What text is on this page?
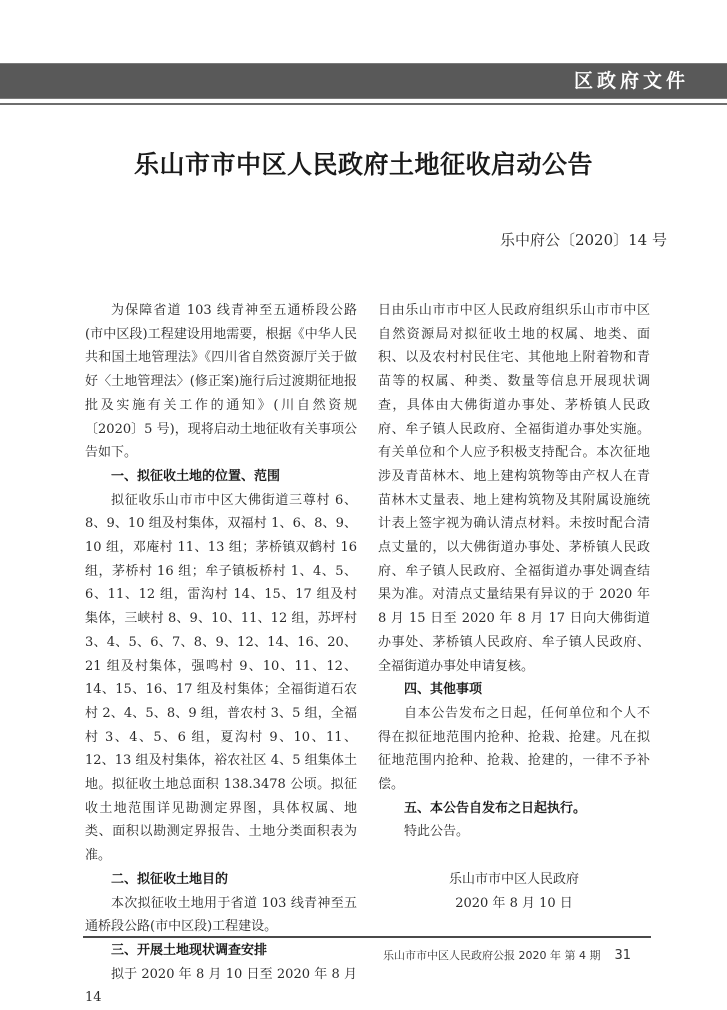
区政府文件
乐山市市中区人民政府土地征收启动公告
乐中府公〔2020〕14 号

为保障省道 103 线青神至五通桥段公路(市中区段)工程建设用地需要，根据《中华人民共和国土地管理法》《四川省自然资源厅关于做好〈土地管理法〉(修正案)施行后过渡期征地报批及实施有关工作的通知》(川自然资规〔2020〕5 号)，现将启动土地征收有关事项公告如下。

一、拟征收土地的位置、范围

拟征收乐山市市中区大佛街道三尊村 6、8、9、10 组及村集体，双福村 1、6、8、9、10 组，邓庵村 11、13 组；茅桥镇双鹤村 16 组，茅桥村 16 组；牟子镇板桥村 1、4、5、6、11、12 组，雷沟村 14、15、17 组及村集体，三峡村 8、9、10、11、12 组，苏坪村 3、4、5、6、7、8、9、12、14、16、20、21 组及村集体，强鸣村 9、10、11、12、14、15、16、17 组及村集体；全福街道石农村 2、4、5、8、9 组，普农村 3、5 组，全福村 3、4、5、6 组，夏沟村 9、10、11、12、13 组及村集体，裕农社区 4、5 组集体土地。拟征收土地总面积 138.3478 公顷。拟征收土地范围详见勘测定界图，具体权属、地类、面积以勘测定界报告、土地分类面积表为准。

二、拟征收土地目的

本次拟征收土地用于省道 103 线青神至五通桥段公路(市中区段)工程建设。

三、开展土地现状调查安排

拟于 2020 年 8 月 10 日至 2020 年 8 月 14

日由乐山市市中区人民政府组织乐山市市中区自然资源局对拟征收土地的权属、地类、面积、以及农村村民住宅、其他地上附着物和青苗等的权属、种类、数量等信息开展现状调查，具体由大佛街道办事处、茅桥镇人民政府、牟子镇人民政府、全福街道办事处实施。有关单位和个人应予积极支持配合。本次征地涉及青苗林木、地上建构筑物等由产权人在青苗林木丈量表、地上建构筑物及其附属设施统计表上签字视为确认清点材料。未按时配合清点丈量的，以大佛街道办事处、茅桥镇人民政府、牟子镇人民政府、全福街道办事处调查结果为准。对清点丈量结果有异议的于 2020 年 8 月 15 日至 2020 年 8 月 17 日向大佛街道办事处、茅桥镇人民政府、牟子镇人民政府、全福街道办事处申请复核。

四、其他事项

自本公告发布之日起，任何单位和个人不得在拟征地范围内抢种、抢栽、抢建。凡在拟征地范围内抢种、抢栽、抢建的，一律不予补偿。

五、本公告自发布之日起执行。

特此公告。

乐山市市中区人民政府
2020 年 8 月 10 日
乐山市市中区人民政府公报 2020 年 第 4 期 31
